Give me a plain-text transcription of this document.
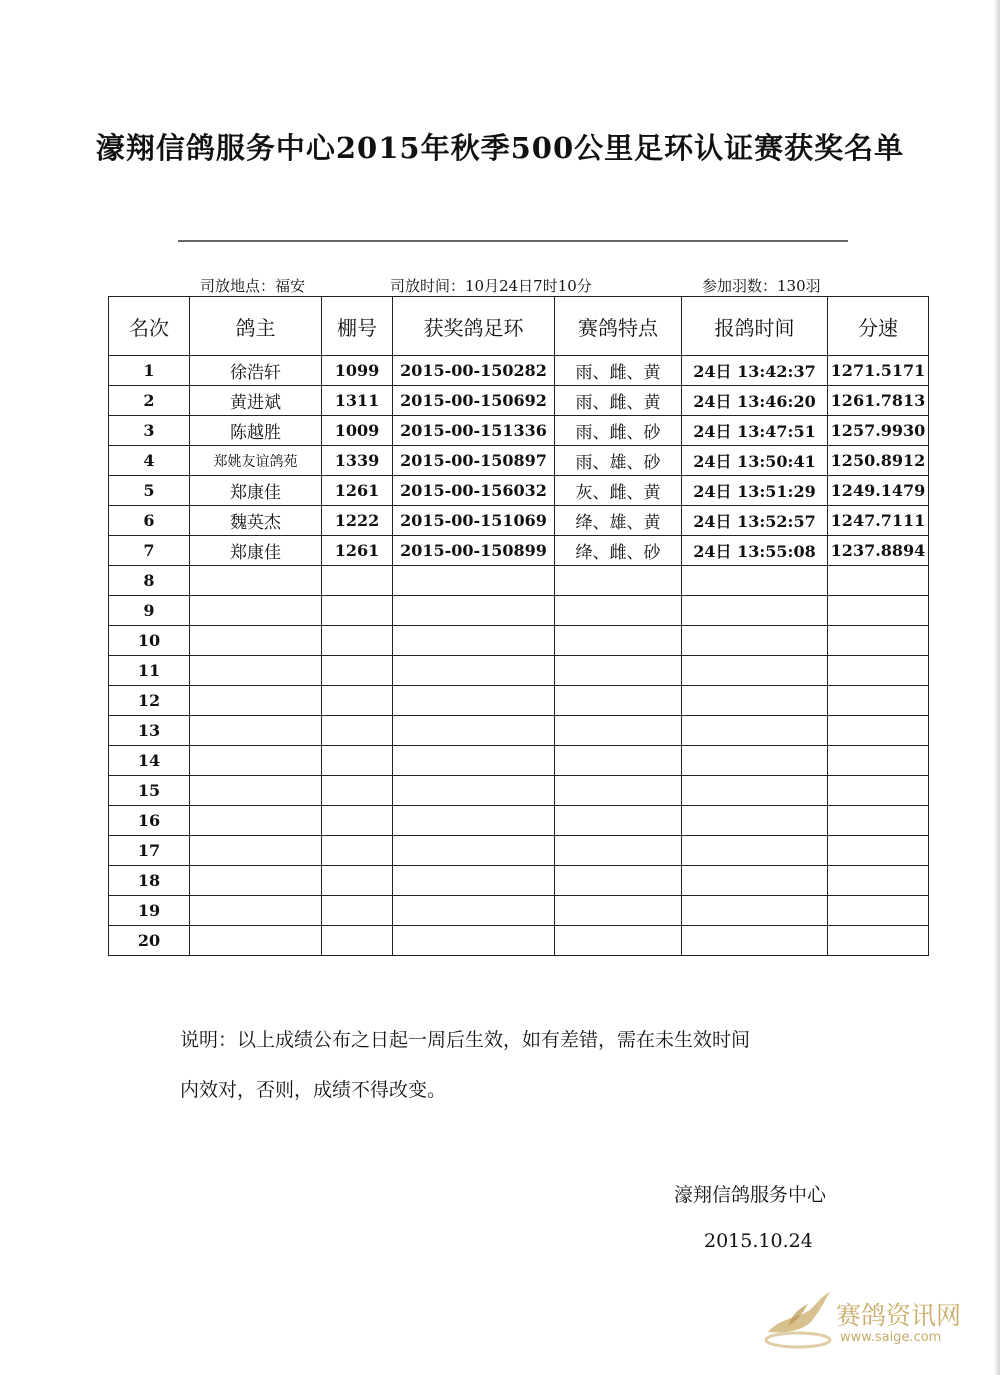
濠翔信鸽服务中心2015年秋季500公里足环认证赛获奖名单
司放地点：福安	司放时间：10月24日7时10分	参加羽数：130羽
名次	鸽主	棚号	获奖鸽足环	赛鸽特点	报鸽时间	分速
1	徐浩轩	1099	2015-00-150282	雨、雌、黄	24日 13:42:37	1271.5171
2	黄进斌	1311	2015-00-150692	雨、雌、黄	24日 13:46:20	1261.7813
3	陈越胜	1009	2015-00-151336	雨、雌、砂	24日 13:47:51	1257.9930
4	郑姚友谊鸽苑	1339	2015-00-150897	雨、雄、砂	24日 13:50:41	1250.8912
5	郑康佳	1261	2015-00-156032	灰、雌、黄	24日 13:51:29	1249.1479
6	魏英杰	1222	2015-00-151069	绛、雄、黄	24日 13:52:57	1247.7111
7	郑康佳	1261	2015-00-150899	绛、雌、砂	24日 13:55:08	1237.8894
8						
9						
10						
11						
12						
13						
14						
15						
16						
17						
18						
19						
20						
说明：以上成绩公布之日起一周后生效，如有差错，需在未生效时间
内效对，否则，成绩不得改变。
濠翔信鸽服务中心
2015.10.24
赛鸽资讯网
www.saige.com
